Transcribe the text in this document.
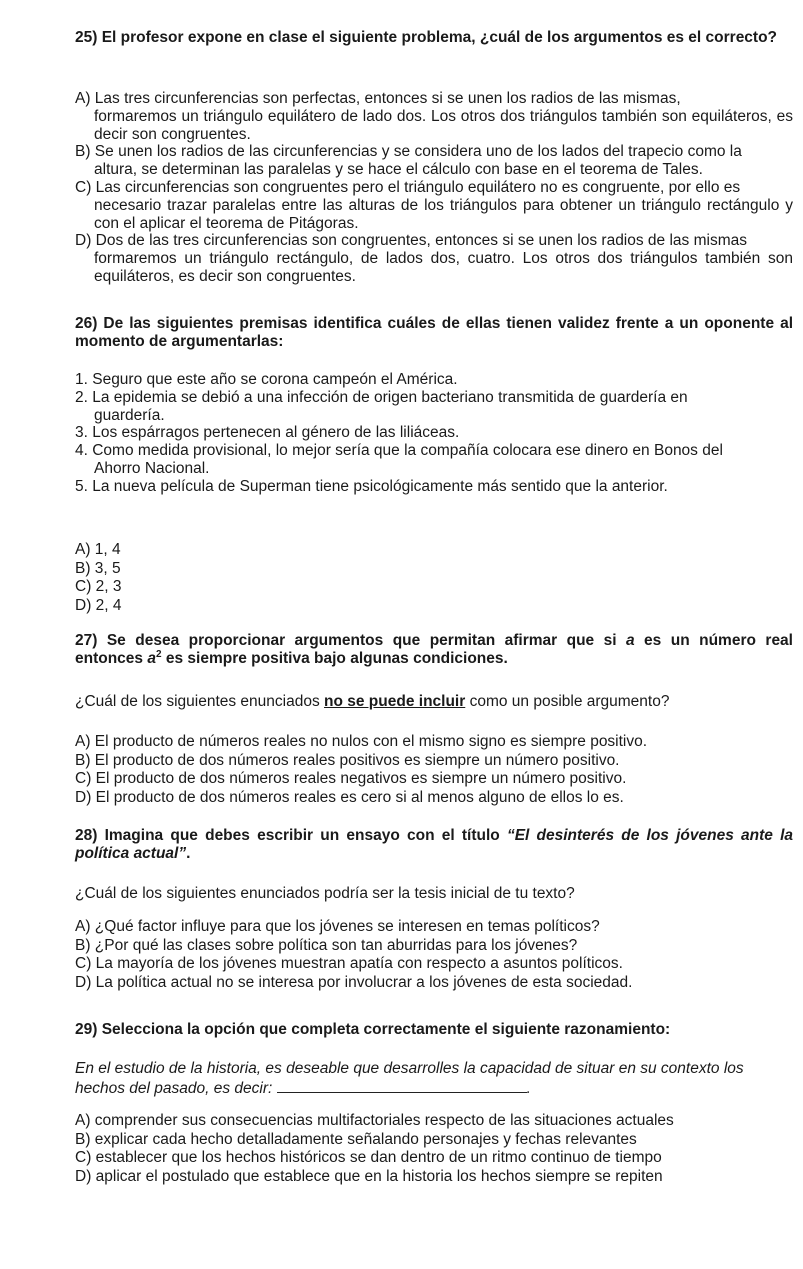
25) El profesor expone en clase el siguiente problema, ¿cuál de los argumentos es el correcto?
A) Las tres circunferencias son perfectas, entonces si se unen los radios de las mismas,
formaremos un triángulo equilátero de lado dos. Los otros dos triángulos también son equiláteros, es decir son congruentes.
B) Se unen los radios de las circunferencias y se considera uno de los lados del trapecio como la
altura, se determinan las paralelas y se hace el cálculo con base en el teorema de Tales.
C) Las circunferencias son congruentes pero el triángulo equilátero no es congruente, por ello es
necesario trazar paralelas entre las alturas de los triángulos para obtener un triángulo rectángulo y con el aplicar el teorema de Pitágoras.
D) Dos de las tres circunferencias son congruentes, entonces si se unen los radios de las mismas
formaremos un triángulo rectángulo, de lados dos, cuatro. Los otros dos triángulos también son equiláteros, es decir son congruentes.
26) De las siguientes premisas identifica cuáles de ellas tienen validez frente a un oponente al momento de argumentarlas:
1. Seguro que este año se corona campeón el América.
2. La epidemia se debió a una infección de origen bacteriano transmitida de guardería en
guardería.
3. Los espárragos pertenecen al género de las liliáceas.
4. Como medida provisional, lo mejor sería que la compañía colocara ese dinero en Bonos del
Ahorro Nacional.
5. La nueva película de Superman tiene psicológicamente más sentido que la anterior.
A) 1, 4
B) 3, 5
C) 2, 3
D) 2, 4
27) Se desea proporcionar argumentos que permitan afirmar que si a es un número real entonces $a^2$ es siempre positiva bajo algunas condiciones.
¿Cuál de los siguientes enunciados no se puede incluir como un posible argumento?
A) El producto de números reales no nulos con el mismo signo es siempre positivo.
B) El producto de dos números reales positivos es siempre un número positivo.
C) El producto de dos números reales negativos es siempre un número positivo.
D) El producto de dos números reales es cero si al menos alguno de ellos lo es.
28) Imagina que debes escribir un ensayo con el título “El desinterés de los jóvenes ante la política actual”.
¿Cuál de los siguientes enunciados podría ser la tesis inicial de tu texto?
A) ¿Qué factor influye para que los jóvenes se interesen en temas políticos?
B) ¿Por qué las clases sobre política son tan aburridas para los jóvenes?
C) La mayoría de los jóvenes muestran apatía con respecto a asuntos políticos.
D) La política actual no se interesa por involucrar a los jóvenes de esta sociedad.
29) Selecciona la opción que completa correctamente el siguiente razonamiento:
En el estudio de la historia, es deseable que desarrolles la capacidad de situar en su contexto los hechos del pasado, es decir:	.
A) comprender sus consecuencias multifactoriales respecto de las situaciones actuales
B) explicar cada hecho detalladamente señalando personajes y fechas relevantes
C) establecer que los hechos históricos se dan dentro de un ritmo continuo de tiempo
D) aplicar el postulado que establece que en la historia los hechos siempre se repiten
